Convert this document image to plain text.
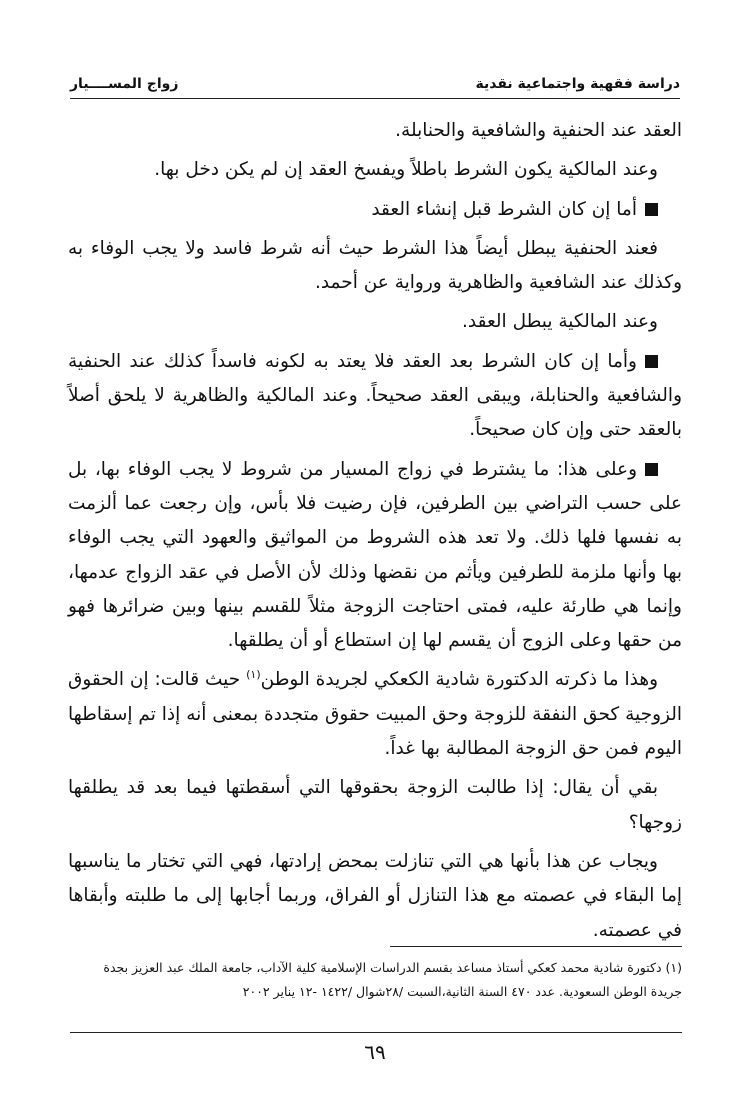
دراسة فقهية واجتماعية نقدية
زواج المســــيار

العقد عند الحنفية والشافعية والحنابلة.

وعند المالكية يكون الشرط باطلاً ويفسخ العقد إن لم يكن دخل بها.

أما إن كان الشرط قبل إنشاء العقد

فعند الحنفية يبطل أيضاً هذا الشرط حيث أنه شرط فاسد ولا يجب الوفاء به وكذلك عند الشافعية والظاهرية ورواية عن أحمد.

وعند المالكية يبطل العقد.

وأما إن كان الشرط بعد العقد فلا يعتد به لكونه فاسداً كذلك عند الحنفية والشافعية والحنابلة، ويبقى العقد صحيحاً. وعند المالكية والظاهرية لا يلحق أصلاً بالعقد حتى وإن كان صحيحاً.

وعلى هذا: ما يشترط في زواج المسيار من شروط لا يجب الوفاء بها، بل على حسب التراضي بين الطرفين، فإن رضيت فلا بأس، وإن رجعت عما ألزمت به نفسها فلها ذلك. ولا تعد هذه الشروط من المواثيق والعهود التي يجب الوفاء بها وأنها ملزمة للطرفين ويأثم من نقضها وذلك لأن الأصل في عقد الزواج عدمها، وإنما هي طارئة عليه، فمتى احتاجت الزوجة مثلاً للقسم بينها وبين ضرائرها فهو من حقها وعلى الزوج أن يقسم لها إن استطاع أو أن يطلقها.

وهذا ما ذكرته الدكتورة شادية الكعكي لجريدة الوطن$^{(١)}$ حيث قالت: إن الحقوق الزوجية كحق النفقة للزوجة وحق المبيت حقوق متجددة بمعنى أنه إذا تم إسقاطها اليوم فمن حق الزوجة المطالبة بها غداً.

بقي أن يقال: إذا طالبت الزوجة بحقوقها التي أسقطتها فيما بعد قد يطلقها زوجها؟

ويجاب عن هذا بأنها هي التي تنازلت بمحض إرادتها، فهي التي تختار ما يناسبها إما البقاء في عصمته مع هذا التنازل أو الفراق، وربما أجابها إلى ما طلبته وأبقاها في عصمته.

(١) دكتورة شادية محمد كعكي أستاذ مساعد بقسم الدراسات الإسلامية كلية الآداب، جامعة الملك عبد العزيز بجدة
جريدة الوطن السعودية. عدد ٤٧٠ السنة الثانية،السبت /٢٨شوال /١٤٢٢ -١٢ يناير ٢٠٠٢
٦٩
